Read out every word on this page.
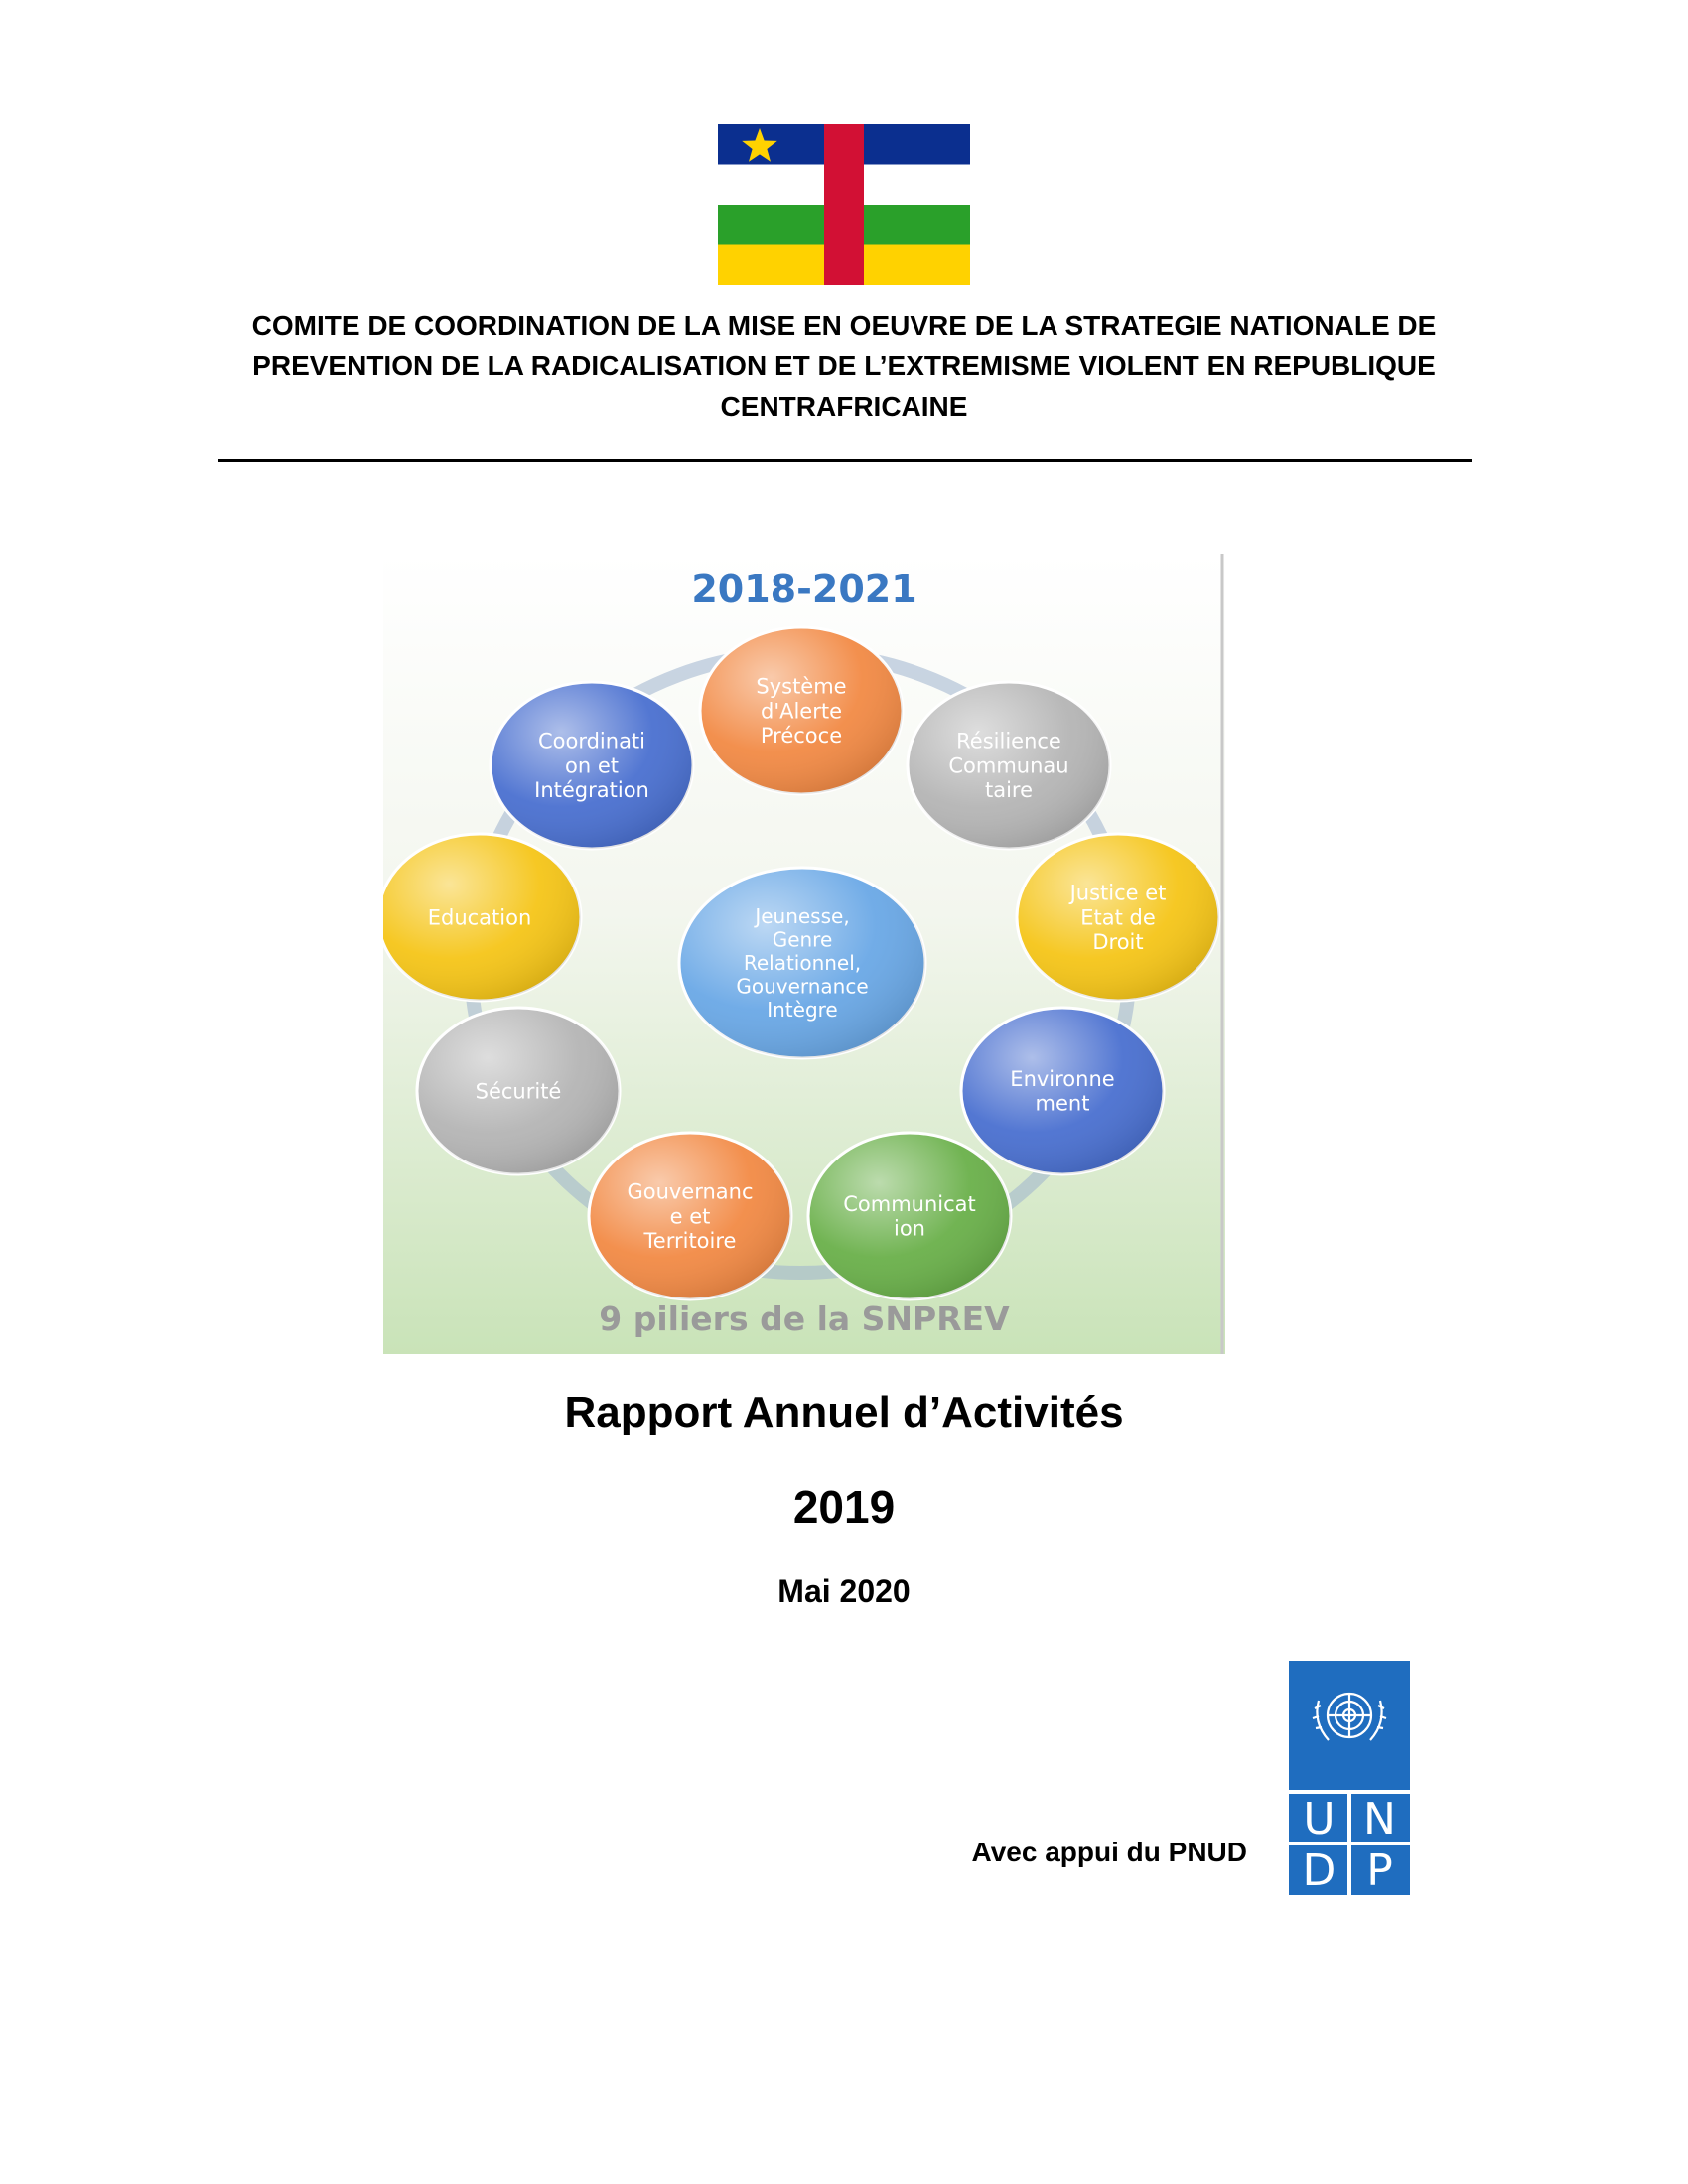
COMITE DE COORDINATION DE LA MISE EN OEUVRE DE LA STRATEGIE NATIONALE DE
PREVENTION DE LA RADICALISATION ET DE L’EXTREMISME VIOLENT EN REPUBLIQUE
CENTRAFRICAINE
2018-2021
Système
d'Alerte
Précoce	Résilience
Communau
taire
Justice et
Etat de
Droit
Environne
ment
Communicat
ion
Gouvernanc
e et
Territoire
Sécurité
Education
Coordinati
on et
Intégration
Jeunesse,
Genre
Relationnel,
Gouvernance
Intègre
9 piliers de la SNPREV
Rapport Annuel d’Activités
2019
Mai 2020
Avec appui du PNUD
U N
D P
